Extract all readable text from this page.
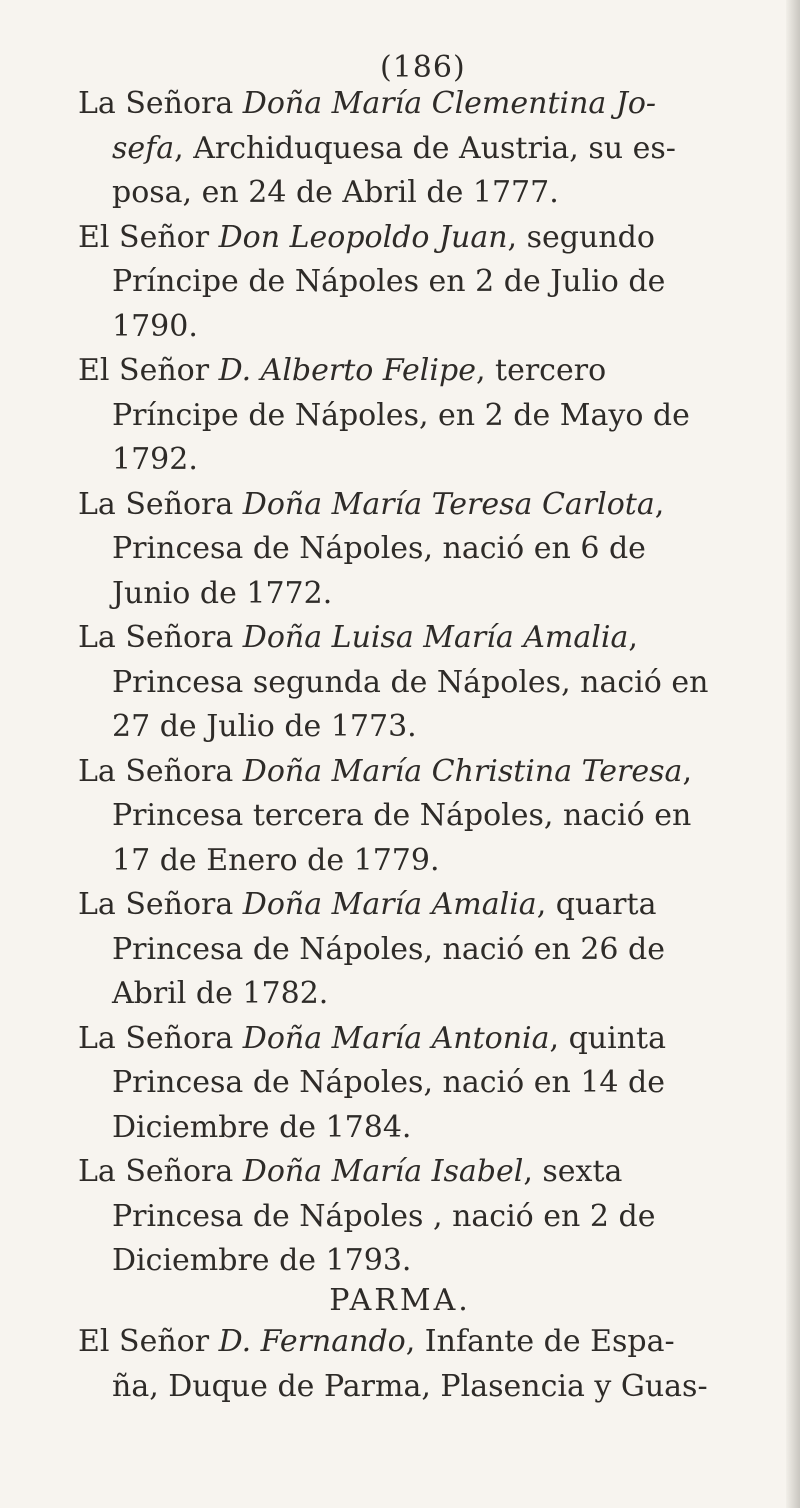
(186)
La Señora Doña María Clementina Jo-
sefa, Archiduquesa de Austria, su es-
posa, en 24 de Abril de 1777.
El Señor Don Leopoldo Juan, segundo
Príncipe de Nápoles en 2 de Julio de
1790.
El Señor D. Alberto Felipe, tercero
Príncipe de Nápoles, en 2 de Mayo de
1792.
La Señora Doña María Teresa Carlota,
Princesa de Nápoles, nació en 6 de
Junio de 1772.
La Señora Doña Luisa María Amalia,
Princesa segunda de Nápoles, nació en
27 de Julio de 1773.
La Señora Doña María Christina Teresa,
Princesa tercera de Nápoles, nació en
17 de Enero de 1779.
La Señora Doña María Amalia, quarta
Princesa de Nápoles, nació en 26 de
Abril de 1782.
La Señora Doña María Antonia, quinta
Princesa de Nápoles, nació en 14 de
Diciembre de 1784.
La Señora Doña María Isabel, sexta
Princesa de Nápoles , nació en 2 de
Diciembre de 1793.
PARMA.
El Señor D. Fernando, Infante de Espa-
ña, Duque de Parma, Plasencia y Guas-
